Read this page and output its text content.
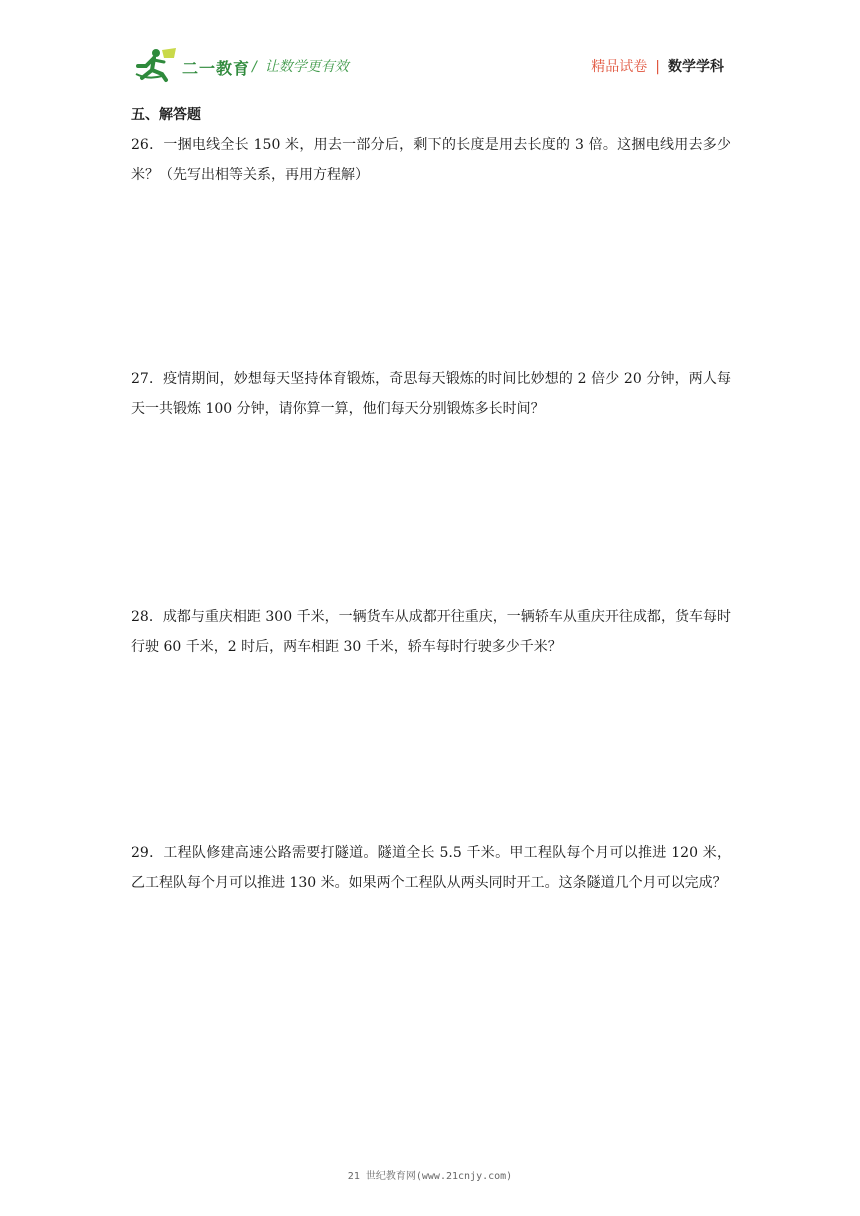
二一教育 / 让数学更有效	精品试卷 | 数学学科
五、解答题
26．一捆电线全长 150 米，用去一部分后，剩下的长度是用去长度的 3 倍。这捆电线用去多少米？（先写出相等关系，再用方程解）
27．疫情期间，妙想每天坚持体育锻炼，奇思每天锻炼的时间比妙想的 2 倍少 20 分钟，两人每天一共锻炼 100 分钟，请你算一算，他们每天分别锻炼多长时间？
28．成都与重庆相距 300 千米，一辆货车从成都开往重庆，一辆轿车从重庆开往成都，货车每时行驶 60 千米，2 时后，两车相距 30 千米，轿车每时行驶多少千米？
29．工程队修建高速公路需要打隧道。隧道全长 5.5 千米。甲工程队每个月可以推进 120 米，乙工程队每个月可以推进 130 米。如果两个工程队从两头同时开工。这条隧道几个月可以完成？
21 世纪教育网(www.21cnjy.com)
